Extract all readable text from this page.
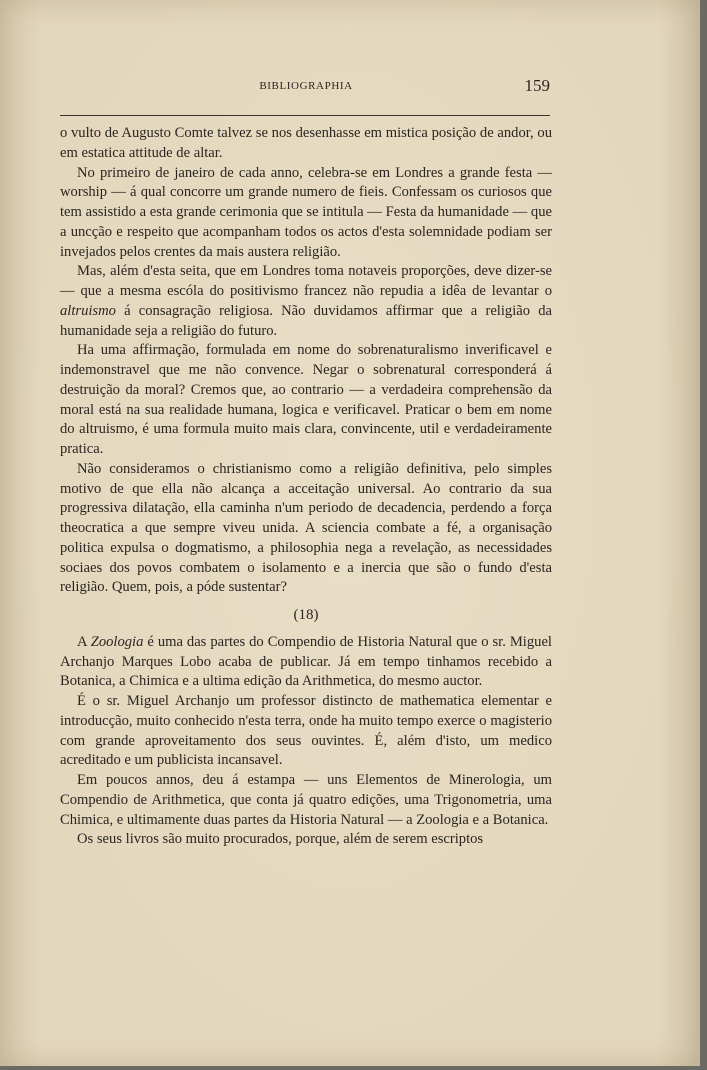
BIBLIOGRAPHIA	159

o vulto de Augusto Comte talvez se nos desenhasse em mistica posição de andor, ou em estatica attitude de altar.

No primeiro de janeiro de cada anno, celebra-se em Londres a grande festa — worship — á qual concorre um grande numero de fieis. Confessam os curiosos que tem assistido a esta grande cerimonia que se intitula — Festa da humanidade — que a uncção e respeito que acompanham todos os actos d'esta solemnidade podiam ser invejados pelos crentes da mais austera religião.

Mas, além d'esta seita, que em Londres toma notaveis proporções, deve dizer-se — que a mesma escóla do positivismo francez não repudia a idêa de levantar o altruismo á consagração religiosa. Não duvidamos affirmar que a religião da humanidade seja a religião do futuro.

Ha uma affirmação, formulada em nome do sobrenaturalismo inverificavel e indemonstravel que me não convence. Negar o sobrenatural corresponderá á destruição da moral? Cremos que, ao contrario — a verdadeira comprehensão da moral está na sua realidade humana, logica e verificavel. Praticar o bem em nome do altruismo, é uma formula muito mais clara, convincente, util e verdadeiramente pratica.

Não consideramos o christianismo como a religião definitiva, pelo simples motivo de que ella não alcança a acceitação universal. Ao contrario da sua progressiva dilatação, ella caminha n'um periodo de decadencia, perdendo a força theocratica a que sempre viveu unida. A sciencia combate a fé, a organisação politica expulsa o dogmatismo, a philosophia nega a revelação, as necessidades sociaes dos povos combatem o isolamento e a inercia que são o fundo d'esta religião. Quem, pois, a póde sustentar?

(18)

A Zoologia é uma das partes do Compendio de Historia Natural que o sr. Miguel Archanjo Marques Lobo acaba de publicar. Já em tempo tinhamos recebido a Botanica, a Chimica e a ultima edição da Arithmetica, do mesmo auctor.

É o sr. Miguel Archanjo um professor distincto de mathematica elementar e introducção, muito conhecido n'esta terra, onde ha muito tempo exerce o magisterio com grande aproveitamento dos seus ouvintes. É, além d'isto, um medico acreditado e um publicista incansavel.

Em poucos annos, deu á estampa — uns Elementos de Minerologia, um Compendio de Arithmetica, que conta já quatro edições, uma Trigonometria, uma Chimica, e ultimamente duas partes da Historia Natural — a Zoologia e a Botanica.

Os seus livros são muito procurados, porque, além de serem escriptos
